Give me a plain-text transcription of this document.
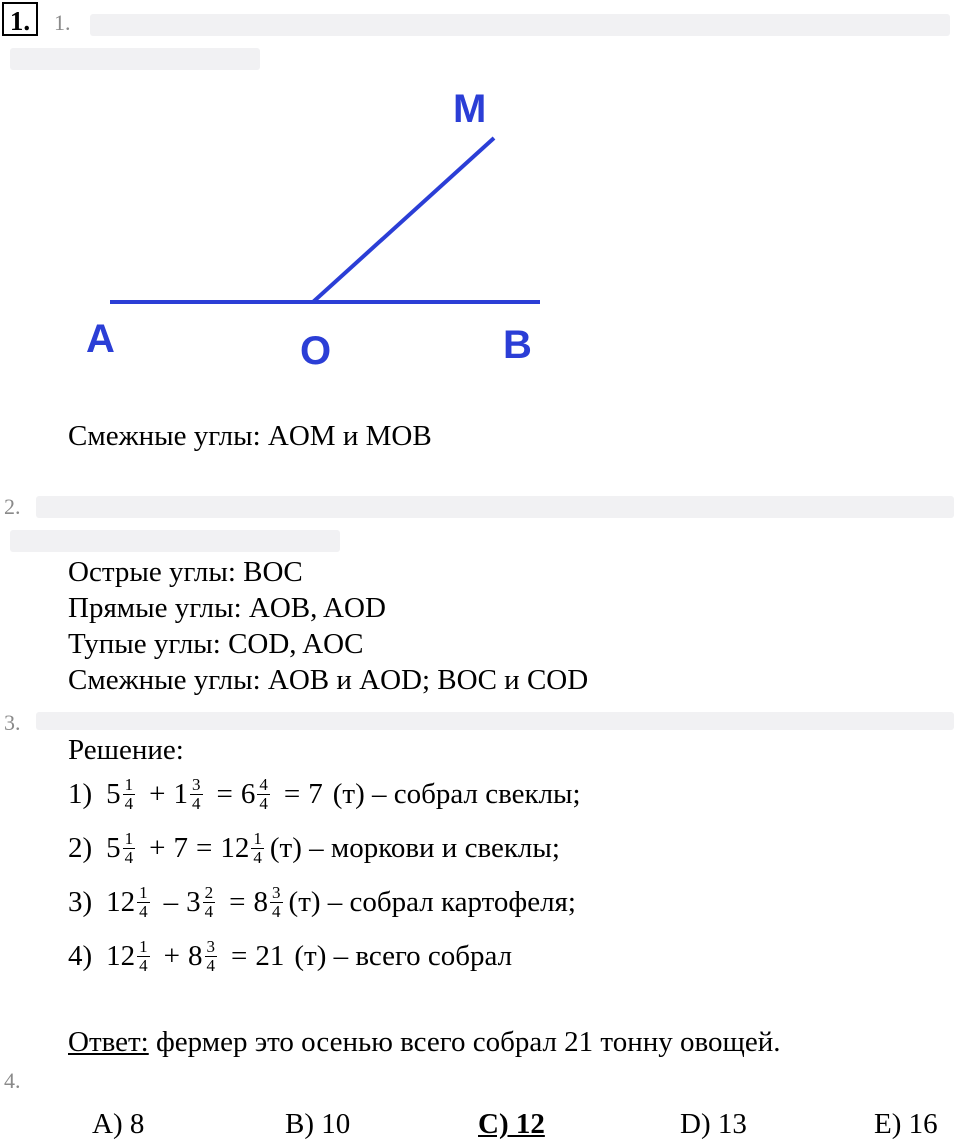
1.	1.
M
A	O	B
Смежные углы: AOM и MOB
2.
Острые углы: BOC
Прямые углы: AOB, AOD
Тупые углы: COD, AOC
Смежные углы: AOB и AOD; BOC и COD
3.
Решение:
1) $5 \frac{1}{4} + 1 \frac{3}{4} = 6 \frac{4}{4} = 7$ (т) – собрал свеклы;
2) $5 \frac{1}{4} + 7 = 12 \frac{1}{4} (т)$ – моркови и свеклы;
3) $12 \frac{1}{4} - 3 \frac{2}{4} = 8 \frac{3}{4} (т)$ – собрал картофеля;
4) $12 \frac{1}{4} + 8 \frac{3}{4} = 21$ (т) – всего собрал
Ответ: фермер это осенью всего собрал 21 тонну овощей.
4.
A) 8	B) 10	C) 12	D) 13	E) 16
